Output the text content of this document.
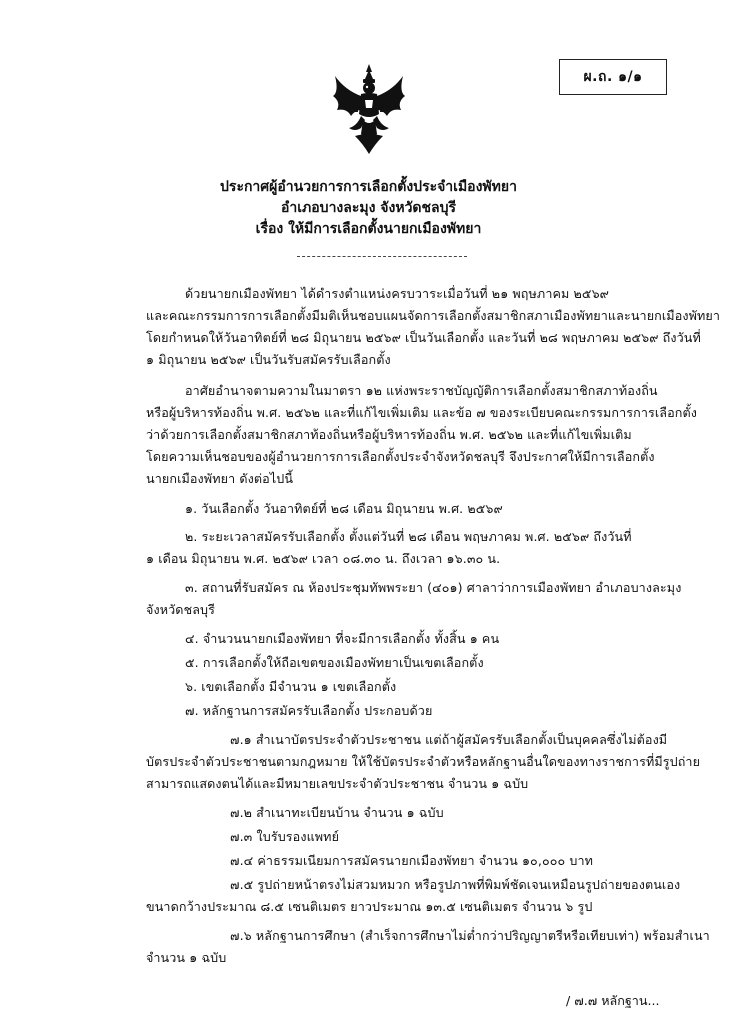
ผ.ถ. ๑/๑
ประกาศผู้อำนวยการการเลือกตั้งประจำเมืองพัทยา
อำเภอบางละมุง จังหวัดชลบุรี
เรื่อง ให้มีการเลือกตั้งนายกเมืองพัทยา
ด้วยนายกเมืองพัทยา ได้ดำรงตำแหน่งครบวาระเมื่อวันที่ ๒๑ พฤษภาคม ๒๕๖๙
และคณะกรรมการการเลือกตั้งมีมติเห็นชอบแผนจัดการเลือกตั้งสมาชิกสภาเมืองพัทยาและนายกเมืองพัทยา
โดยกำหนดให้วันอาทิตย์ที่ ๒๘ มิถุนายน ๒๕๖๙ เป็นวันเลือกตั้ง และวันที่ ๒๘ พฤษภาคม ๒๕๖๙ ถึงวันที่
๑ มิถุนายน ๒๕๖๙ เป็นวันรับสมัครรับเลือกตั้ง
อาศัยอำนาจตามความในมาตรา ๑๒ แห่งพระราชบัญญัติการเลือกตั้งสมาชิกสภาท้องถิ่น
หรือผู้บริหารท้องถิ่น พ.ศ. ๒๕๖๒ และที่แก้ไขเพิ่มเติม และข้อ ๗ ของระเบียบคณะกรรมการการเลือกตั้ง
ว่าด้วยการเลือกตั้งสมาชิกสภาท้องถิ่นหรือผู้บริหารท้องถิ่น พ.ศ. ๒๕๖๒ และที่แก้ไขเพิ่มเติม
โดยความเห็นชอบของผู้อำนวยการการเลือกตั้งประจำจังหวัดชลบุรี จึงประกาศให้มีการเลือกตั้ง
นายกเมืองพัทยา ดังต่อไปนี้
๑. วันเลือกตั้ง วันอาทิตย์ที่ ๒๘ เดือน มิถุนายน พ.ศ. ๒๕๖๙
๒. ระยะเวลาสมัครรับเลือกตั้ง ตั้งแต่วันที่ ๒๘ เดือน พฤษภาคม พ.ศ. ๒๕๖๙ ถึงวันที่
๑ เดือน มิถุนายน พ.ศ. ๒๕๖๙ เวลา ๐๘.๓๐ น. ถึงเวลา ๑๖.๓๐ น.
๓. สถานที่รับสมัคร ณ ห้องประชุมทัพพระยา (๔๐๑) ศาลาว่าการเมืองพัทยา อำเภอบางละมุง
จังหวัดชลบุรี
๔. จำนวนนายกเมืองพัทยา ที่จะมีการเลือกตั้ง ทั้งสิ้น ๑ คน
๕. การเลือกตั้งให้ถือเขตของเมืองพัทยาเป็นเขตเลือกตั้ง
๖. เขตเลือกตั้ง มีจำนวน ๑ เขตเลือกตั้ง
๗. หลักฐานการสมัครรับเลือกตั้ง ประกอบด้วย
๗.๑ สำเนาบัตรประจำตัวประชาชน แต่ถ้าผู้สมัครรับเลือกตั้งเป็นบุคคลซึ่งไม่ต้องมี
บัตรประจำตัวประชาชนตามกฎหมาย ให้ใช้บัตรประจำตัวหรือหลักฐานอื่นใดของทางราชการที่มีรูปถ่าย
สามารถแสดงตนได้และมีหมายเลขประจำตัวประชาชน จำนวน ๑ ฉบับ
๗.๒ สำเนาทะเบียนบ้าน จำนวน ๑ ฉบับ
๗.๓ ใบรับรองแพทย์
๗.๔ ค่าธรรมเนียมการสมัครนายกเมืองพัทยา จำนวน ๑๐,๐๐๐ บาท
๗.๕ รูปถ่ายหน้าตรงไม่สวมหมวก หรือรูปภาพที่พิมพ์ชัดเจนเหมือนรูปถ่ายของตนเอง
ขนาดกว้างประมาณ ๘.๕ เซนติเมตร ยาวประมาณ ๑๓.๕ เซนติเมตร จำนวน ๖ รูป
๗.๖ หลักฐานการศึกษา (สำเร็จการศึกษาไม่ต่ำกว่าปริญญาตรีหรือเทียบเท่า) พร้อมสำเนา
จำนวน ๑ ฉบับ
/ ๗.๗ หลักฐาน...
